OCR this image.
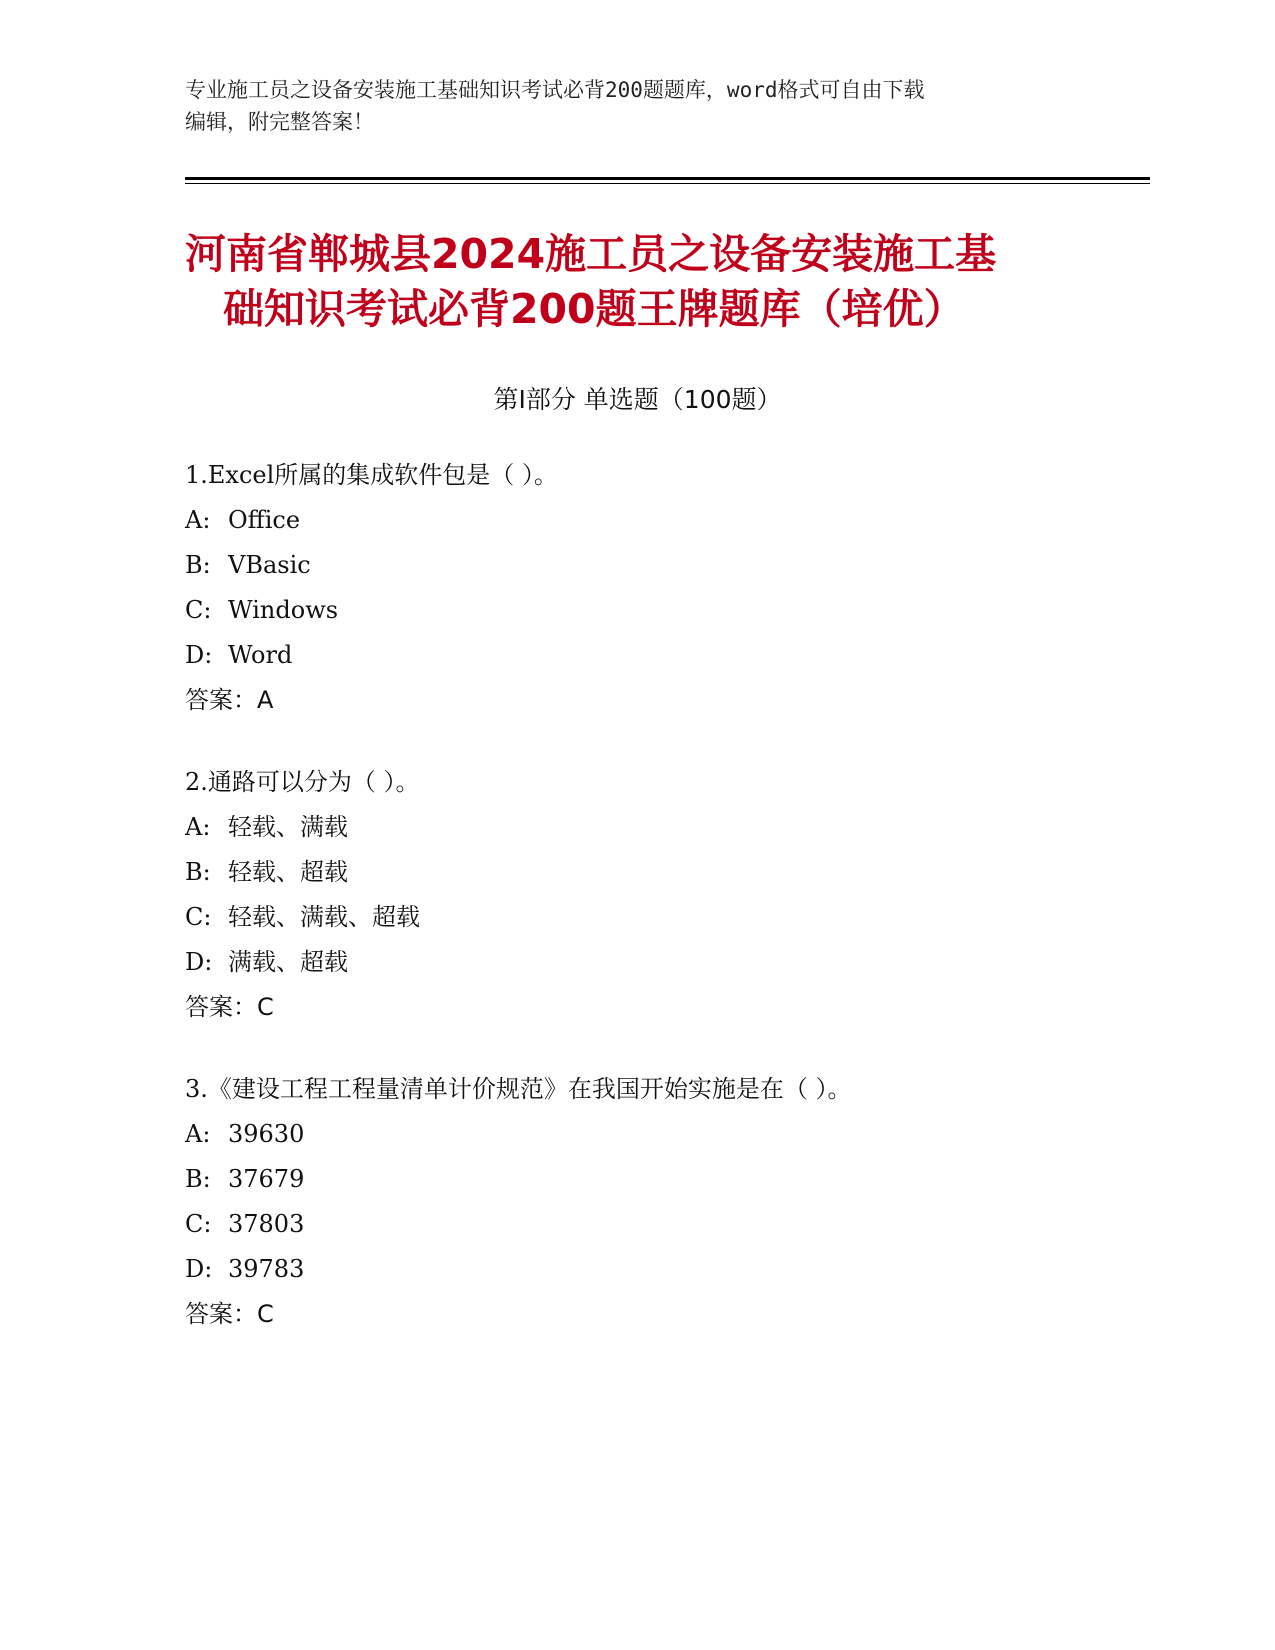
专业施工员之设备安装施工基础知识考试必背200题题库，word格式可自由下载
编辑，附完整答案！
河南省郸城县2024施工员之设备安装施工基
础知识考试必背200题王牌题库（培优）
第Ⅰ部分 单选题（100题）
1.Excel所属的集成软件包是（ ）。
A: Office
B: VBasic
C: Windows
D: Word
答案：A
2.通路可以分为（ ）。
A: 轻载、满载
B: 轻载、超载
C: 轻载、满载、超载
D: 满载、超载
答案：C
3.《建设工程工程量清单计价规范》在我国开始实施是在（ ）。
A: 39630
B: 37679
C: 37803
D: 39783
答案：C
